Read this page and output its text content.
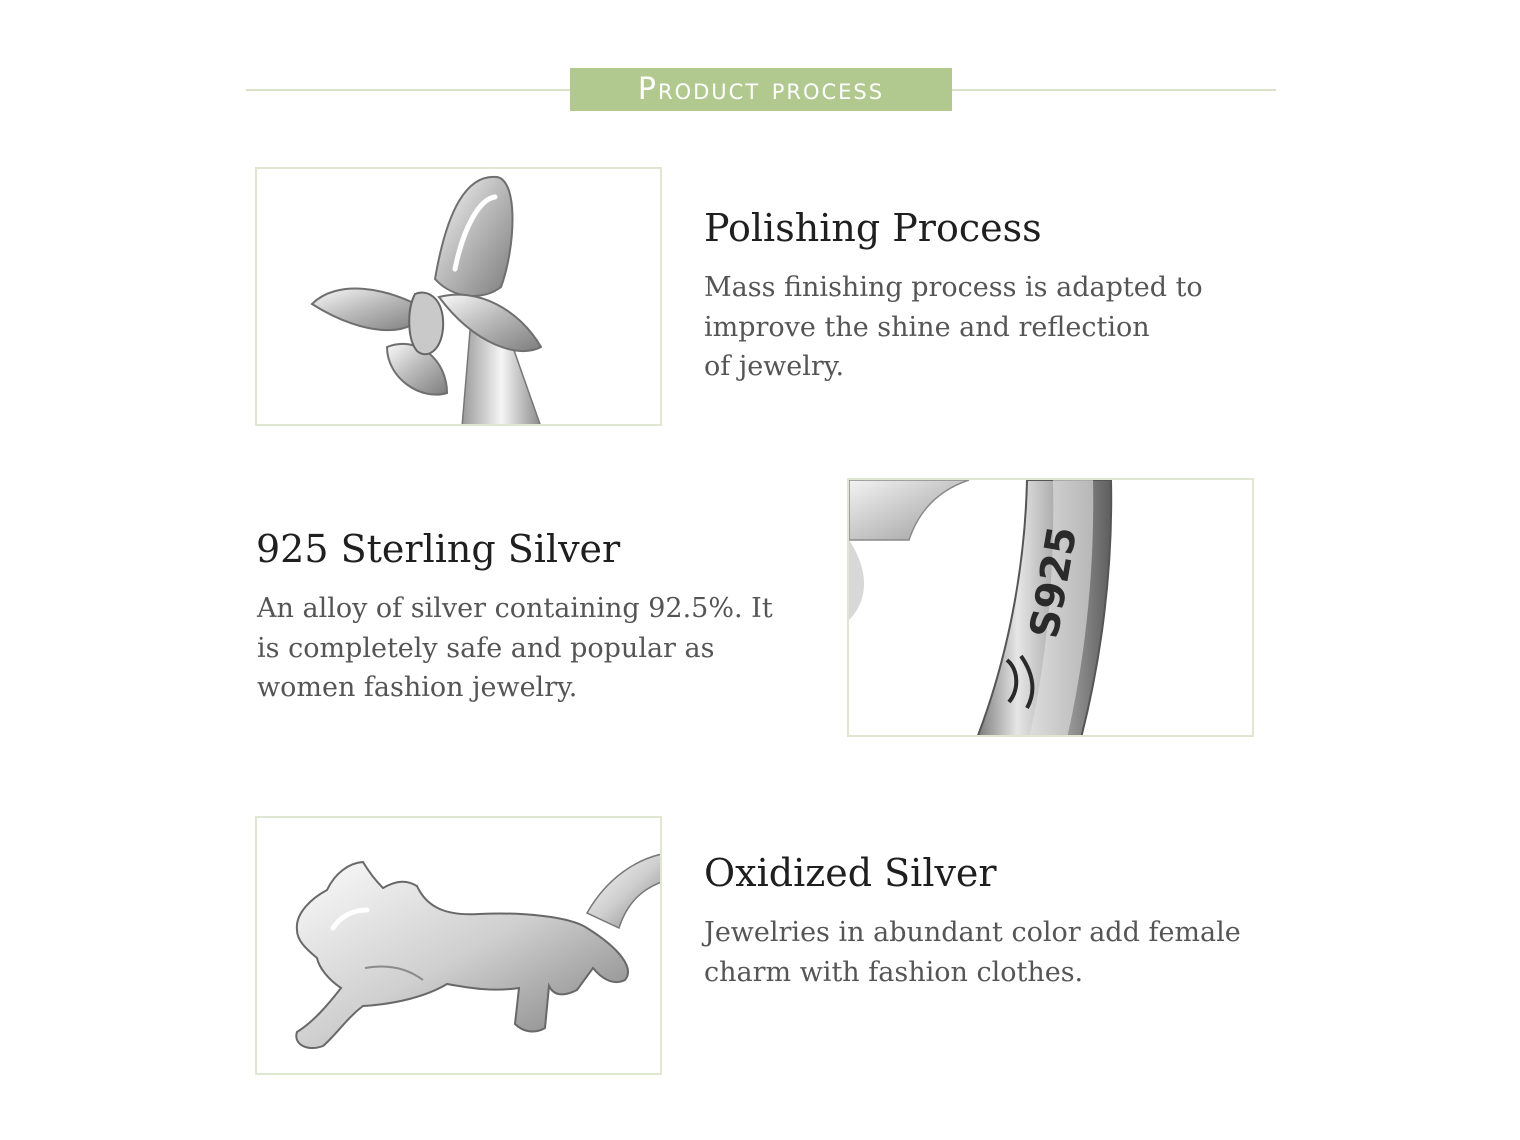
Product process
Polishing Process
Mass finishing process is adapted to
improve the shine and reflection
of jewelry.
925 Sterling Silver
An alloy of silver containing 92.5%. It
is completely safe and popular as
women fashion jewelry.
S925
Oxidized Silver
Jewelries in abundant color add female
charm with fashion clothes.
